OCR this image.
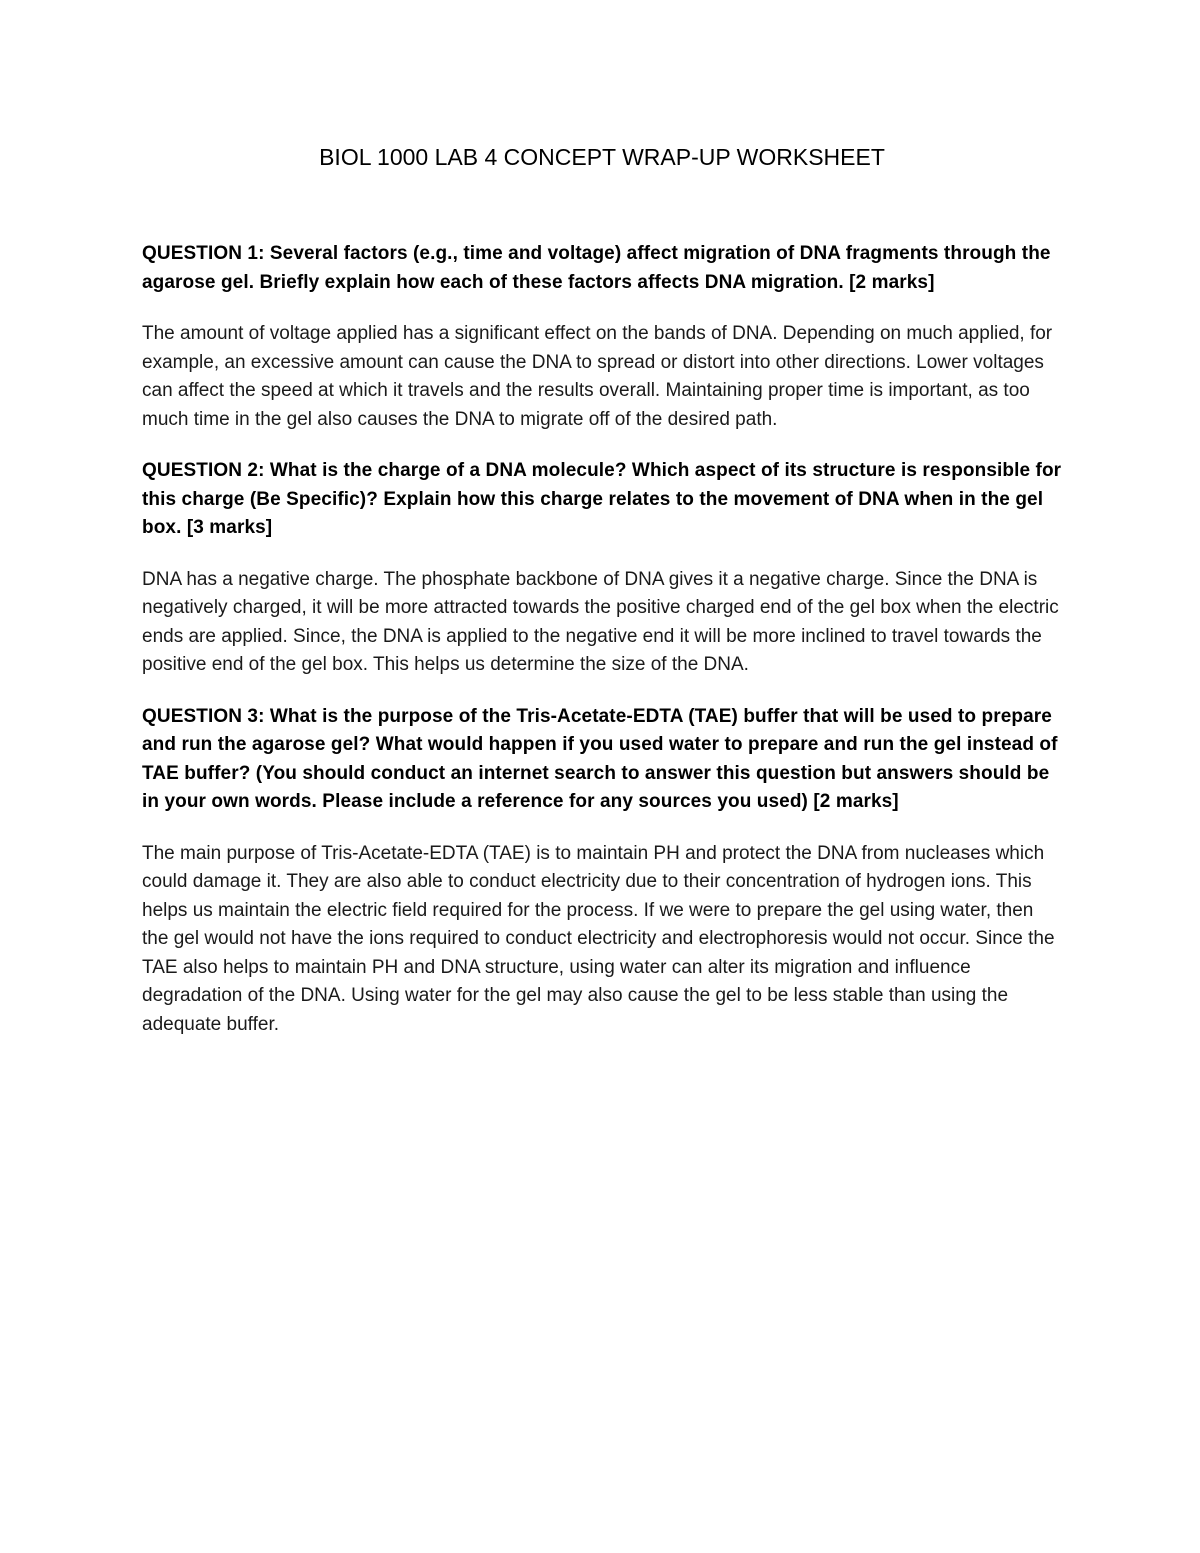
BIOL 1000 LAB 4 CONCEPT WRAP-UP WORKSHEET

QUESTION 1: Several factors (e.g., time and voltage) affect migration of DNA fragments through the agarose gel. Briefly explain how each of these factors affects DNA migration. [2 marks]

The amount of voltage applied has a significant effect on the bands of DNA. Depending on much applied, for example, an excessive amount can cause the DNA to spread or distort into other directions. Lower voltages can affect the speed at which it travels and the results overall. Maintaining proper time is important, as too much time in the gel also causes the DNA to migrate off of the desired path.

QUESTION 2: What is the charge of a DNA molecule? Which aspect of its structure is responsible for this charge (Be Specific)? Explain how this charge relates to the movement of DNA when in the gel box. [3 marks]

DNA has a negative charge. The phosphate backbone of DNA gives it a negative charge. Since the DNA is negatively charged, it will be more attracted towards the positive charged end of the gel box when the electric ends are applied. Since, the DNA is applied to the negative end it will be more inclined to travel towards the positive end of the gel box. This helps us determine the size of the DNA.

QUESTION 3: What is the purpose of the Tris-Acetate-EDTA (TAE) buffer that will be used to prepare and run the agarose gel? What would happen if you used water to prepare and run the gel instead of TAE buffer? (You should conduct an internet search to answer this question but answers should be in your own words. Please include a reference for any sources you used) [2 marks]

The main purpose of Tris-Acetate-EDTA (TAE) is to maintain PH and protect the DNA from nucleases which could damage it. They are also able to conduct electricity due to their concentration of hydrogen ions. This helps us maintain the electric field required for the process. If we were to prepare the gel using water, then the gel would not have the ions required to conduct electricity and electrophoresis would not occur. Since the TAE also helps to maintain PH and DNA structure, using water can alter its migration and influence degradation of the DNA. Using water for the gel may also cause the gel to be less stable than using the adequate buffer.
